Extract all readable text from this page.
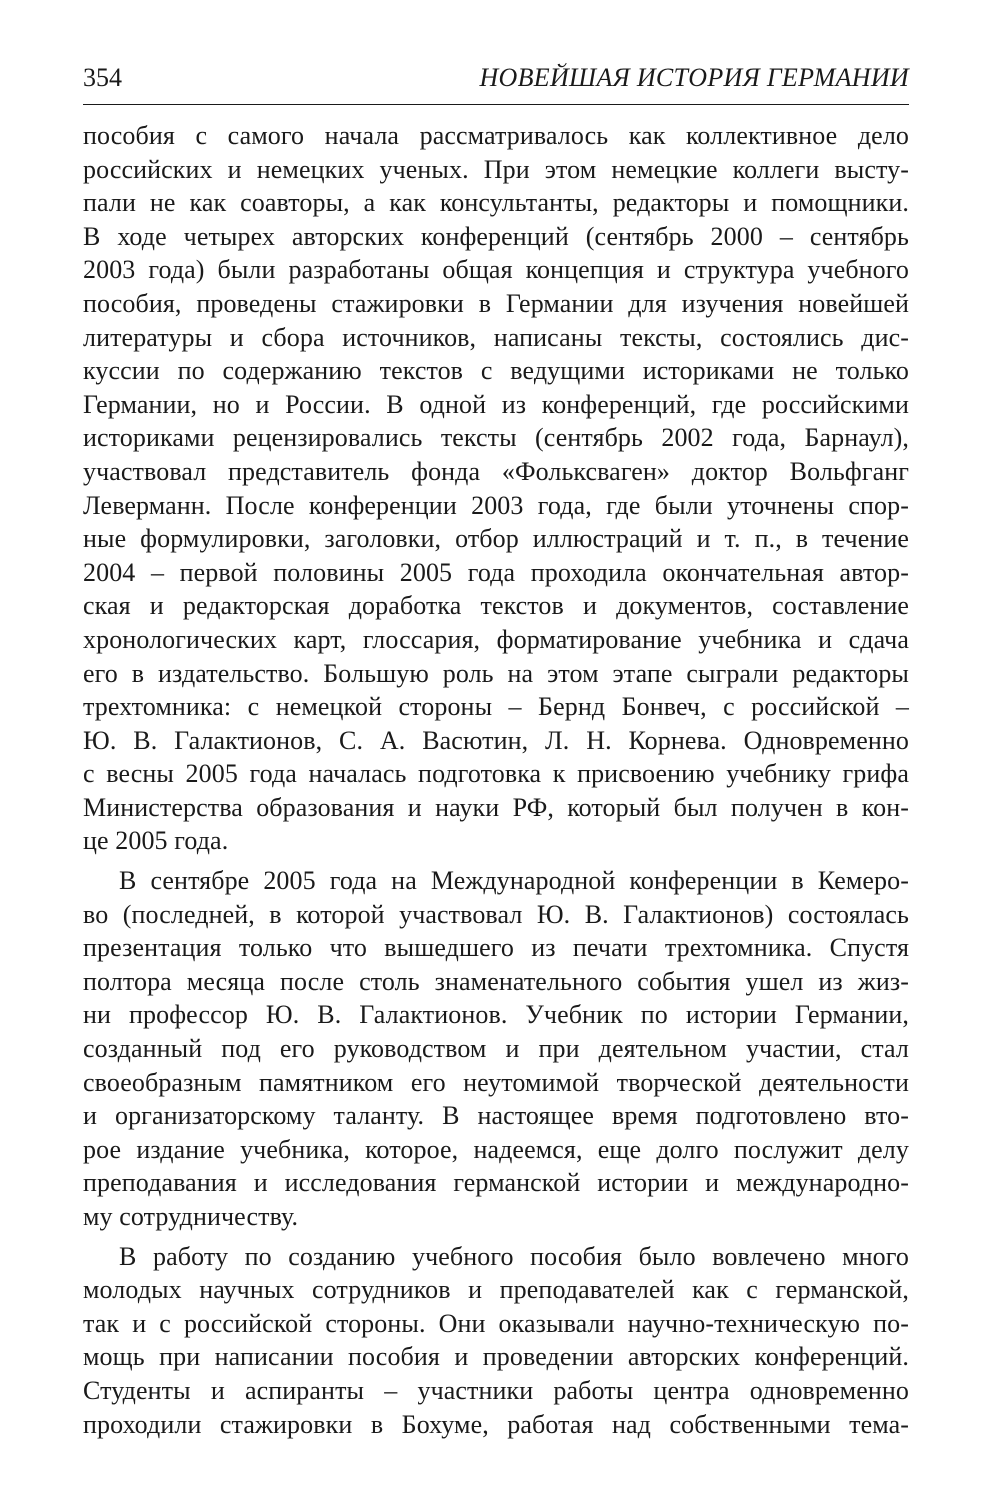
354	НОВЕЙШАЯ ИСТОРИЯ ГЕРМАНИИ

пособия с самого начала рассматривалось как коллективное дело

российских и немецких ученых. При этом немецкие коллеги высту-

пали не как соавторы, а как консультанты, редакторы и помощники.

В ходе четырех авторских конференций (сентябрь 2000 – сентябрь

2003 года) были разработаны общая концепция и структура учебного

пособия, проведены стажировки в Германии для изучения новейшей

литературы и сбора источников, написаны тексты, состоялись дис-

куссии по содержанию текстов с ведущими историками не только

Германии, но и России. В одной из конференций, где российскими

историками рецензировались тексты (сентябрь 2002 года, Барнаул),

участвовал представитель фонда «Фольксваген» доктор Вольфганг

Леверманн. После конференции 2003 года, где были уточнены спор-

ные формулировки, заголовки, отбор иллюстраций и т. п., в течение

2004 – первой половины 2005 года проходила окончательная автор-

ская и редакторская доработка текстов и документов, составление

хронологических карт, глоссария, форматирование учебника и сдача

его в издательство. Большую роль на этом этапе сыграли редакторы

трехтомника: с немецкой стороны – Бернд Бонвеч, с российской –

Ю. В. Галактионов, С. А. Васютин, Л. Н. Корнева. Одновременно

с весны 2005 года началась подготовка к присвоению учебнику грифа

Министерства образования и науки РФ, который был получен в кон-

це 2005 года.

В сентябре 2005 года на Международной конференции в Кемеро-

во (последней, в которой участвовал Ю. В. Галактионов) состоялась

презентация только что вышедшего из печати трехтомника. Спустя

полтора месяца после столь знаменательного события ушел из жиз-

ни профессор Ю. В. Галактионов. Учебник по истории Германии,

созданный под его руководством и при деятельном участии, стал

своеобразным памятником его неутомимой творческой деятельности

и организаторскому таланту. В настоящее время подготовлено вто-

рое издание учебника, которое, надеемся, еще долго послужит делу

преподавания и исследования германской истории и международно-

му сотрудничеству.

В работу по созданию учебного пособия было вовлечено много

молодых научных сотрудников и преподавателей как с германской,

так и с российской стороны. Они оказывали научно-техническую по-

мощь при написании пособия и проведении авторских конференций.

Студенты и аспиранты – участники работы центра одновременно

проходили стажировки в Бохуме, работая над собственными тема-
